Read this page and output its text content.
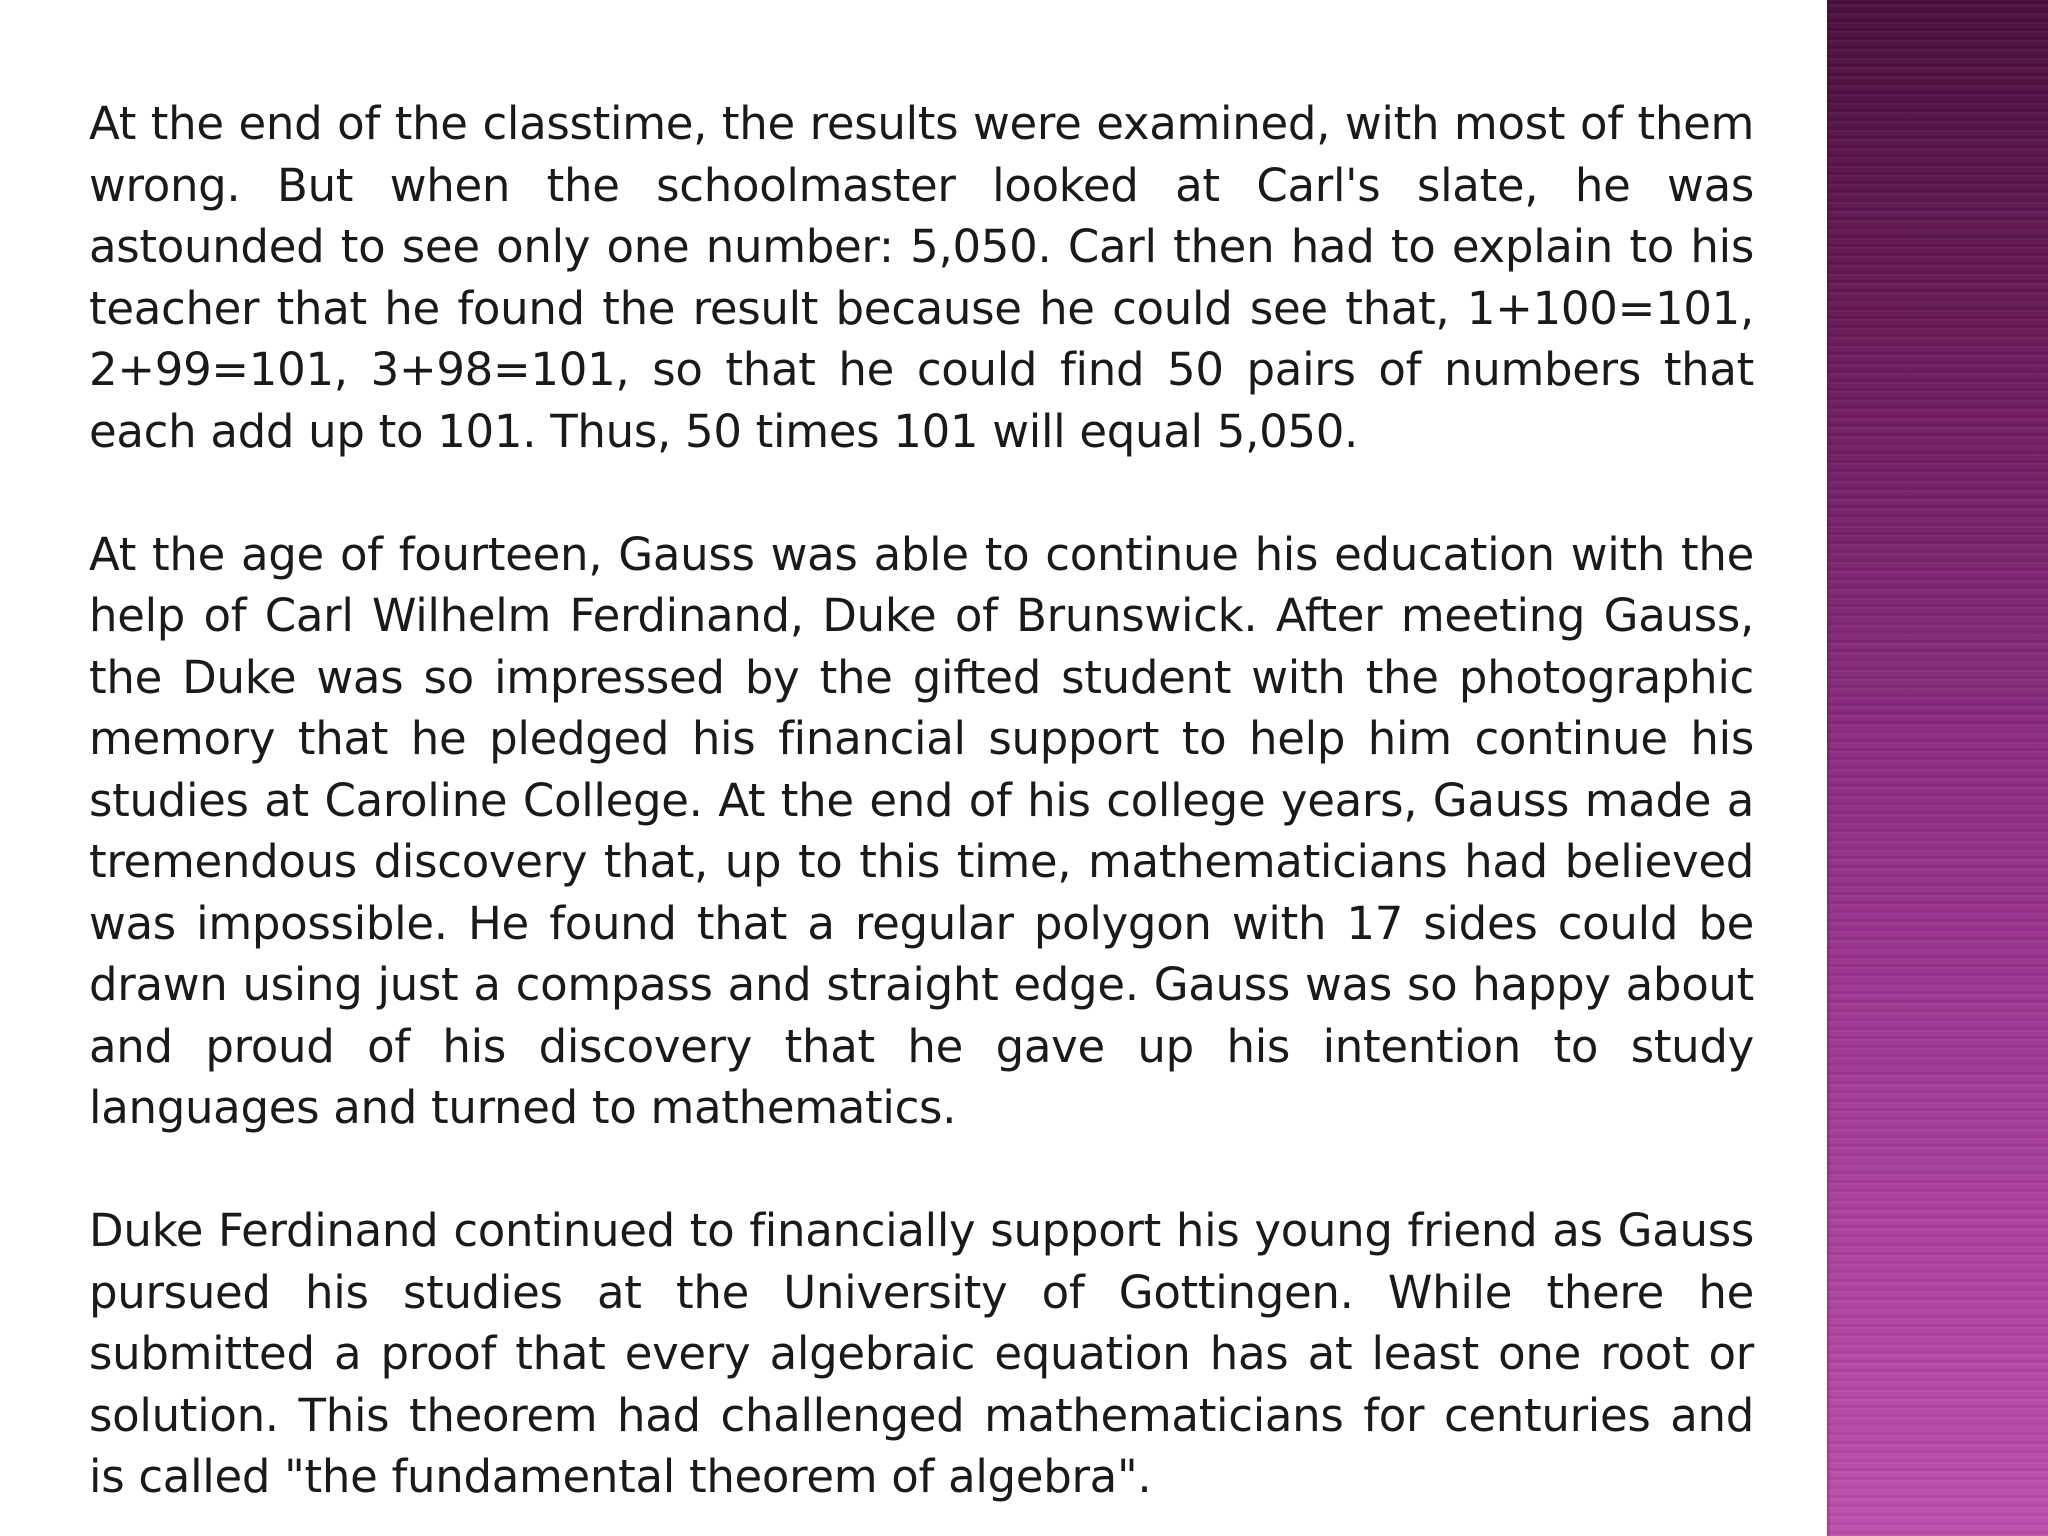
At the end of the classtime, the results were examined, with most of them wrong. But when the schoolmaster looked at Carl's slate, he was astounded to see only one number: 5,050. Carl then had to explain to his teacher that he found the result because he could see that, 1+100=101, 2+99=101, 3+98=101, so that he could find 50 pairs of numbers that each add up to 101. Thus, 50 times 101 will equal 5,050.

At the age of fourteen, Gauss was able to continue his education with the help of Carl Wilhelm Ferdinand, Duke of Brunswick. After meeting Gauss, the Duke was so impressed by the gifted student with the photographic memory that he pledged his financial support to help him continue his studies at Caroline College. At the end of his college years, Gauss made a tremendous discovery that, up to this time, mathematicians had believed was impossible. He found that a regular polygon with 17 sides could be drawn using just a compass and straight edge. Gauss was so happy about and proud of his discovery that he gave up his intention to study languages and turned to mathematics.

Duke Ferdinand continued to financially support his young friend as Gauss pursued his studies at the University of Gottingen. While there he submitted a proof that every algebraic equation has at least one root or solution. This theorem had challenged mathematicians for centuries and is called "the fundamental theorem of algebra".
